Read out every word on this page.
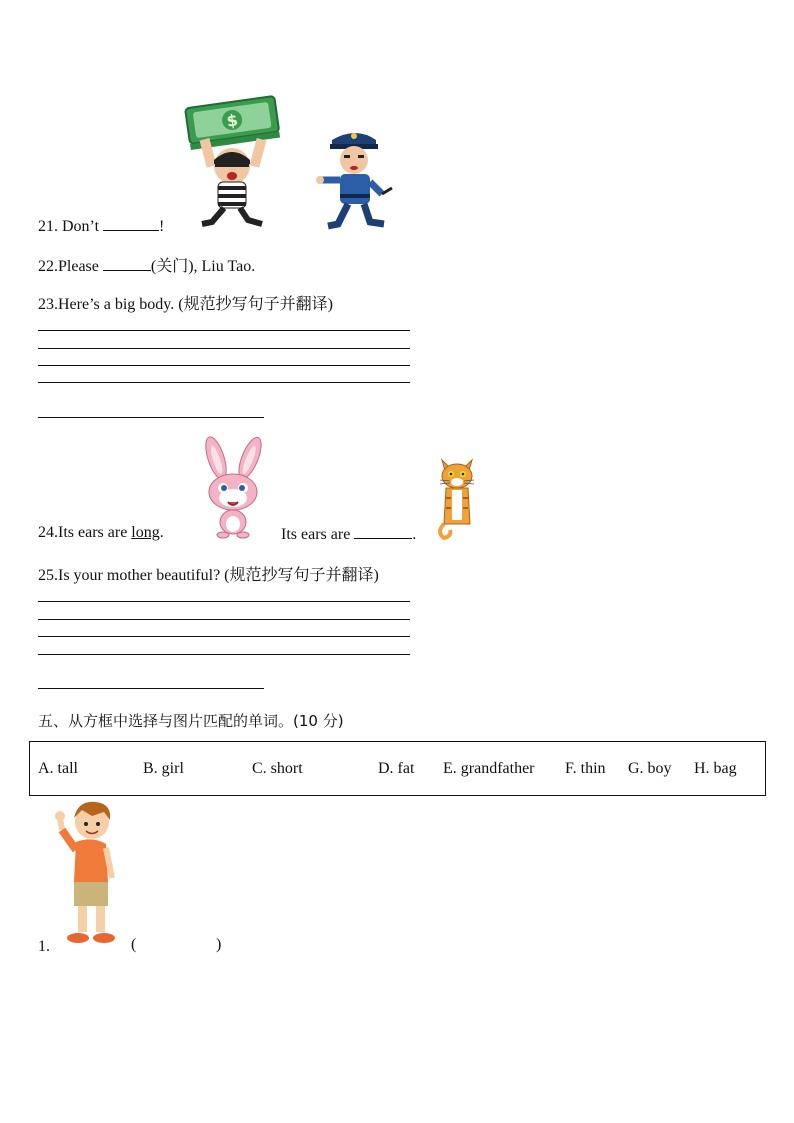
$
21. Don’t	!
22.Please	(关门), Liu Tao.
23.Here’s a big body. (规范抄写句子并翻译)
24.Its ears are long.	Its ears are	.
25.Is your mother beautiful? (规范抄写句子并翻译)
五、从方框中选择与图片匹配的单词。(10 分)
A. tall	B. girl	C. short	D. fat E. grandfather F. thin G. boy H. bag
1.	(	)
